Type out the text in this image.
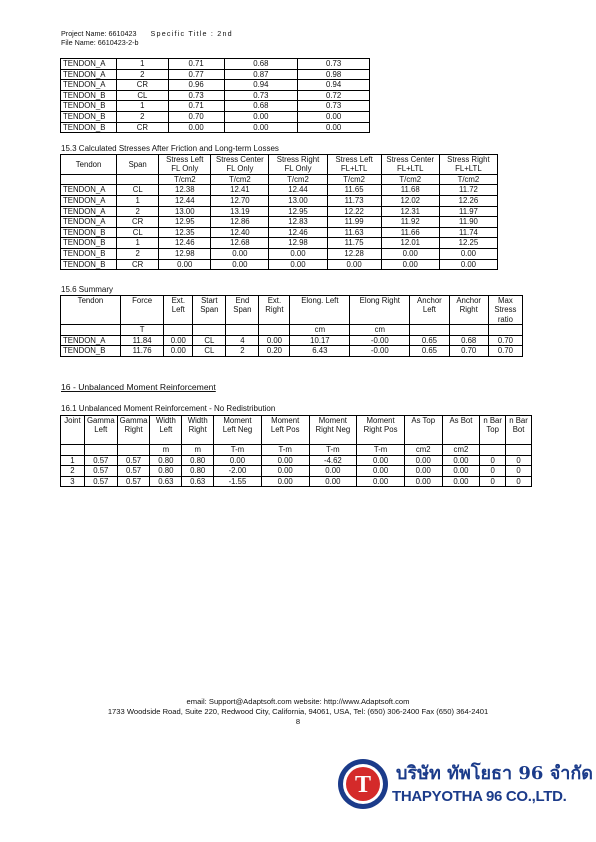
Project Name: 6610423 Specific Title : 2nd
File Name: 6610423-2-b
TENDON_A	1	0.71	0.68	0.73
TENDON_A	2	0.77	0.87	0.98
TENDON_A	CR	0.96	0.94	0.94
TENDON_B	CL	0.73	0.73	0.72
TENDON_B	1	0.71	0.68	0.73
TENDON_B	2	0.70	0.00	0.00
TENDON_B	CR	0.00	0.00	0.00
15.3 Calculated Stresses After Friction and Long-term Losses
Tendon	Span	Stress Left FL Only	Stress Center FL Only	Stress Right FL Only	Stress Left FL+LTL	Stress Center FL+LTL	Stress Right FL+LTL
		T/cm2	T/cm2	T/cm2	T/cm2	T/cm2	T/cm2
TENDON_A	CL	12.38	12.41	12.44	11.65	11.68	11.72
TENDON_A	1	12.44	12.70	13.00	11.73	12.02	12.26
TENDON_A	2	13.00	13.19	12.95	12.22	12.31	11.97
TENDON_A	CR	12.95	12.86	12.83	11.99	11.92	11.90
TENDON_B	CL	12.35	12.40	12.46	11.63	11.66	11.74
TENDON_B	1	12.46	12.68	12.98	11.75	12.01	12.25
TENDON_B	2	12.98	0.00	0.00	12.28	0.00	0.00
TENDON_B	CR	0.00	0.00	0.00	0.00	0.00	0.00
15.6 Summary
Tendon	Force	Ext. Left	Start Span	End Span	Ext. Right	Elong. Left	Elong Right	Anchor Left	Anchor Right	Max Stress ratio
	T					cm	cm			
TENDON_A	11.84	0.00	CL	4	0.00	10.17	-0.00	0.65	0.68	0.70
TENDON_B	11.76	0.00	CL	2	0.20	6.43	-0.00	0.65	0.70	0.70
16 - Unbalanced Moment Reinforcement
16.1 Unbalanced Moment Reinforcement - No Redistribution
Joint	Gamma Left	Gamma Right	Width Left	Width Right	Moment Left Neg	Moment Left Pos	Moment Right Neg	Moment Right Pos	As Top	As Bot	n Bar Top	n Bar Bot
			m	m	T-m	T-m	T-m	T-m	cm2	cm2		
1	0.57	0.57	0.80	0.80	0.00	0.00	-4.62	0.00	0.00	0.00	0	0
2	0.57	0.57	0.80	0.80	-2.00	0.00	0.00	0.00	0.00	0.00	0	0
3	0.57	0.57	0.63	0.63	-1.55	0.00	0.00	0.00	0.00	0.00	0	0
email: Support@Adaptsoft.com website: http://www.Adaptsoft.com
1733 Woodside Road, Suite 220, Redwood City, California, 94061, USA, Tel: (650) 306-2400 Fax (650) 364-2401
8
T บริษัท ทัพโยธา 96 จำกัด
THAPYOTHA 96 CO.,LTD.
